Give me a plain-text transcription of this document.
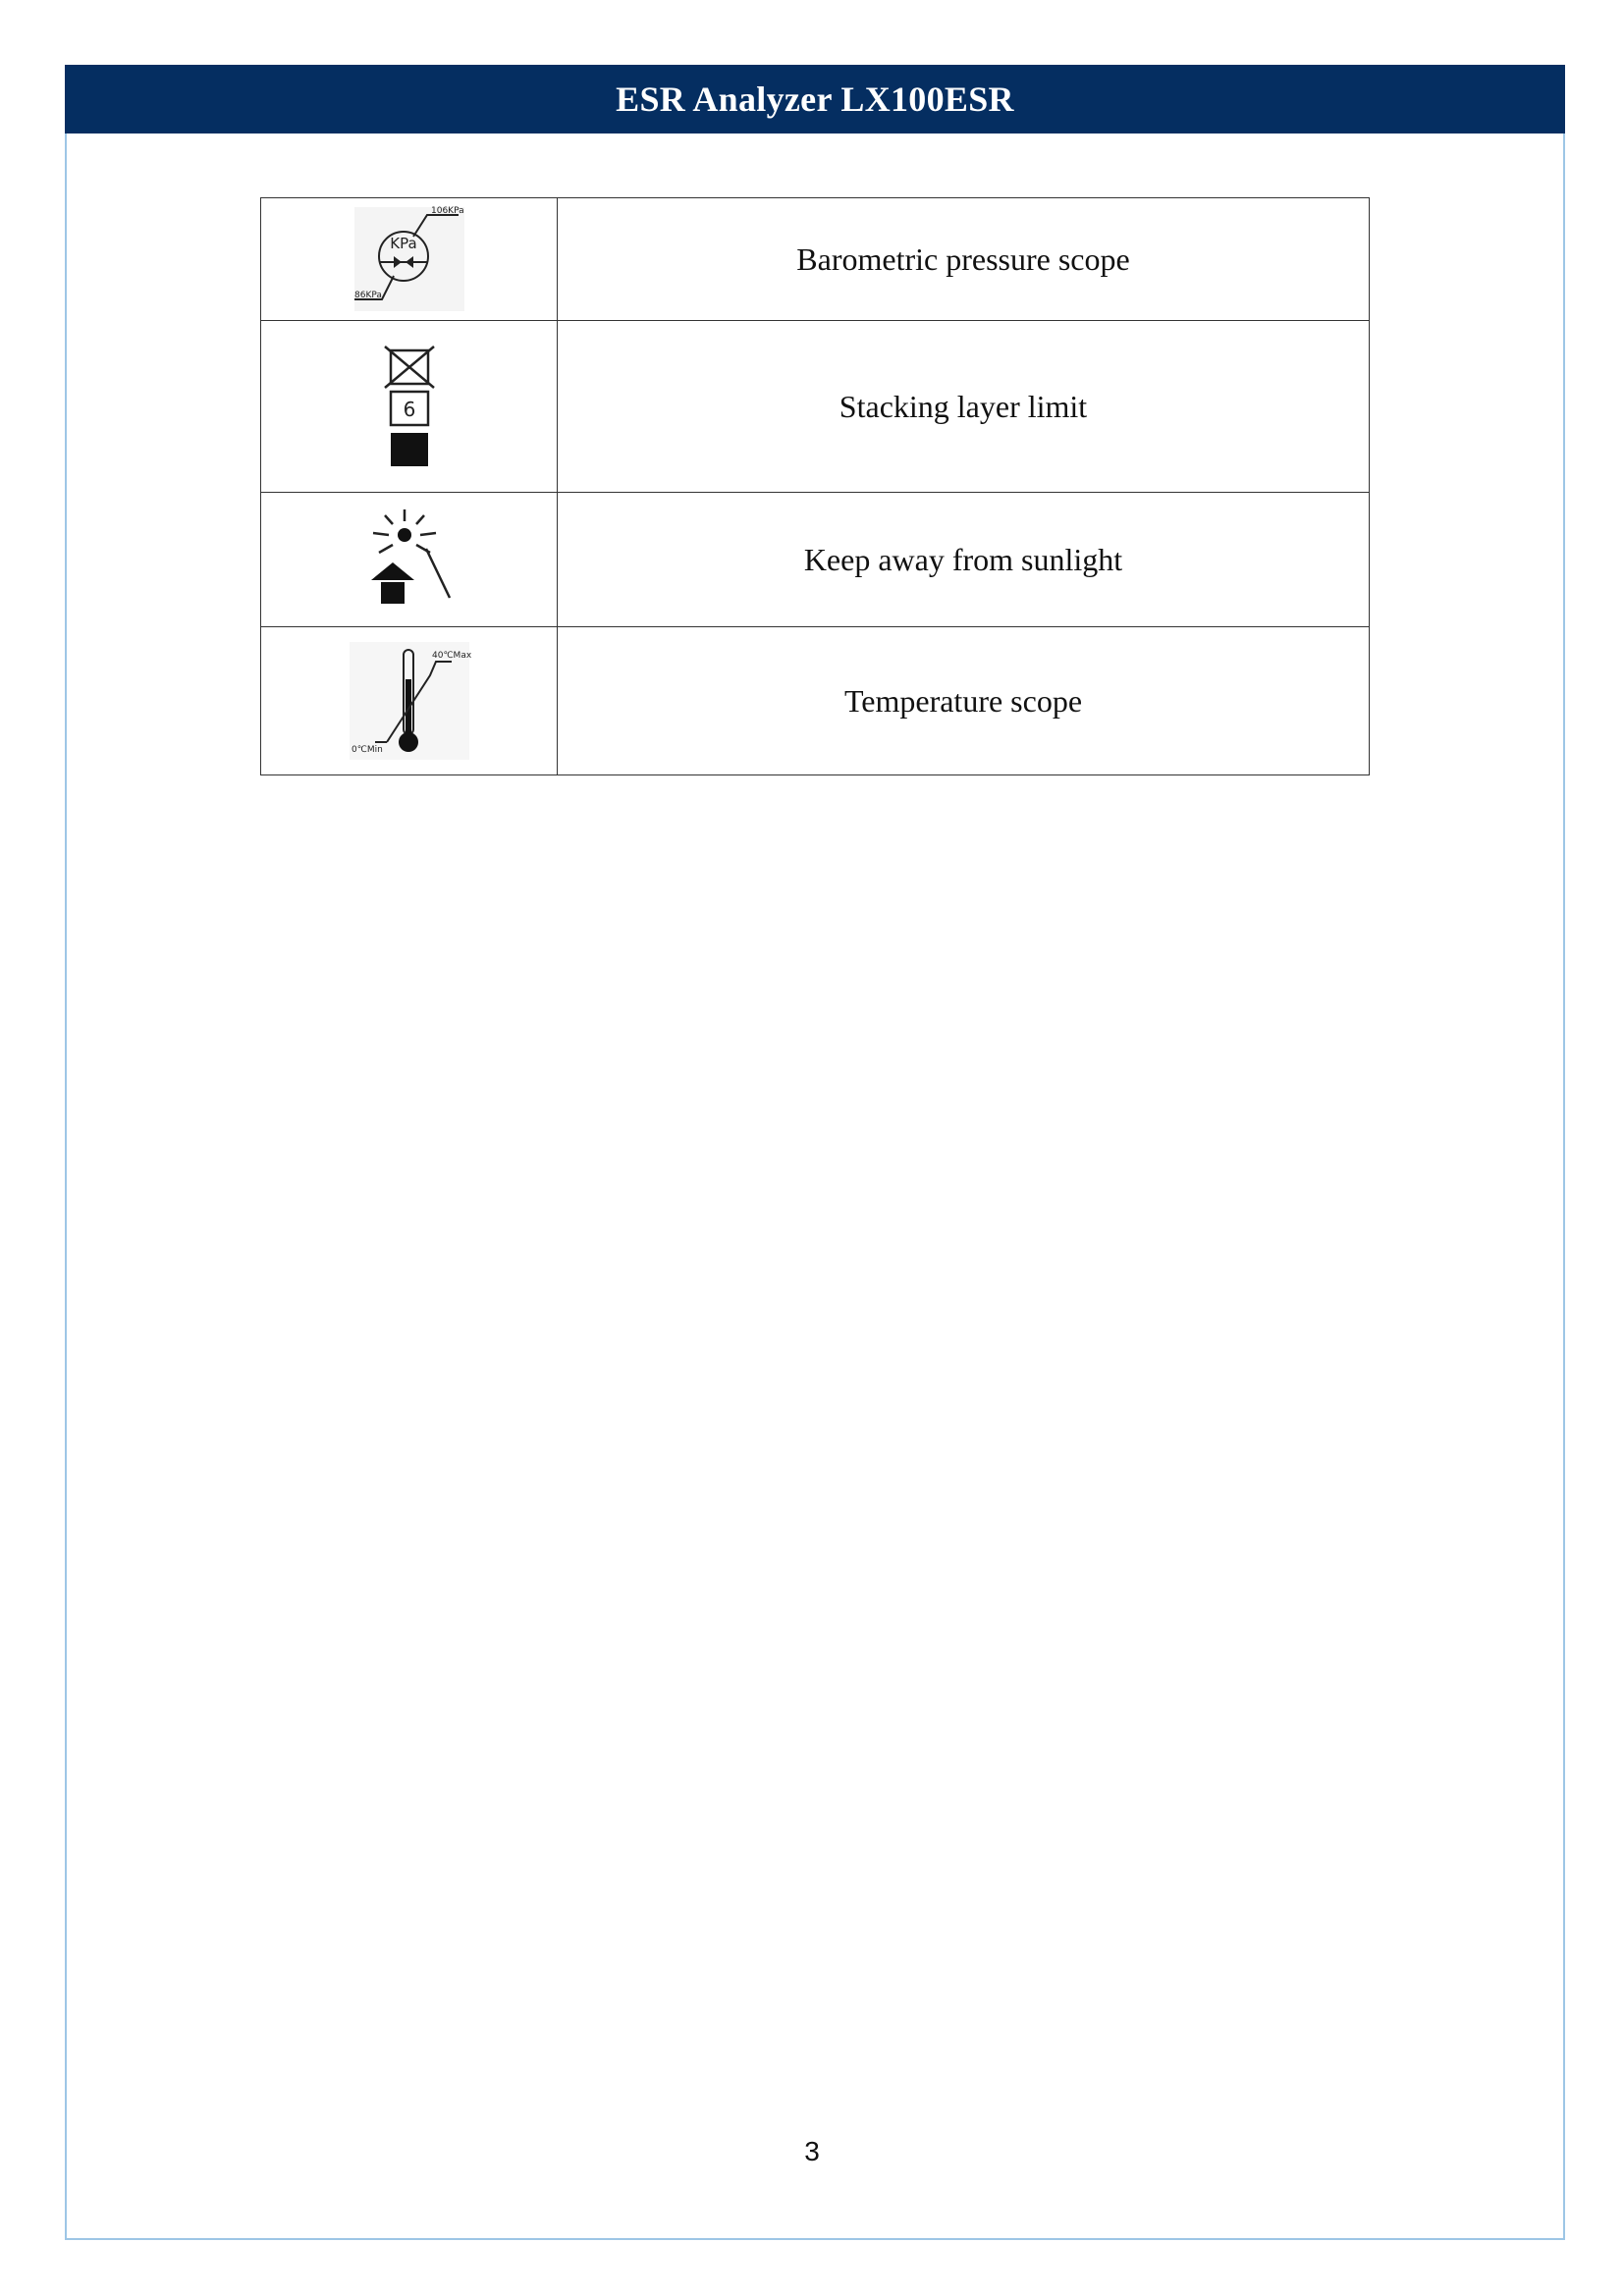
ESR Analyzer LX100ESR
KPa
106KPa
86KPa	Barometric pressure scope

6	Stacking layer limit

	Keep away from sunlight

40℃Max
0℃Min	Temperature scope
3
